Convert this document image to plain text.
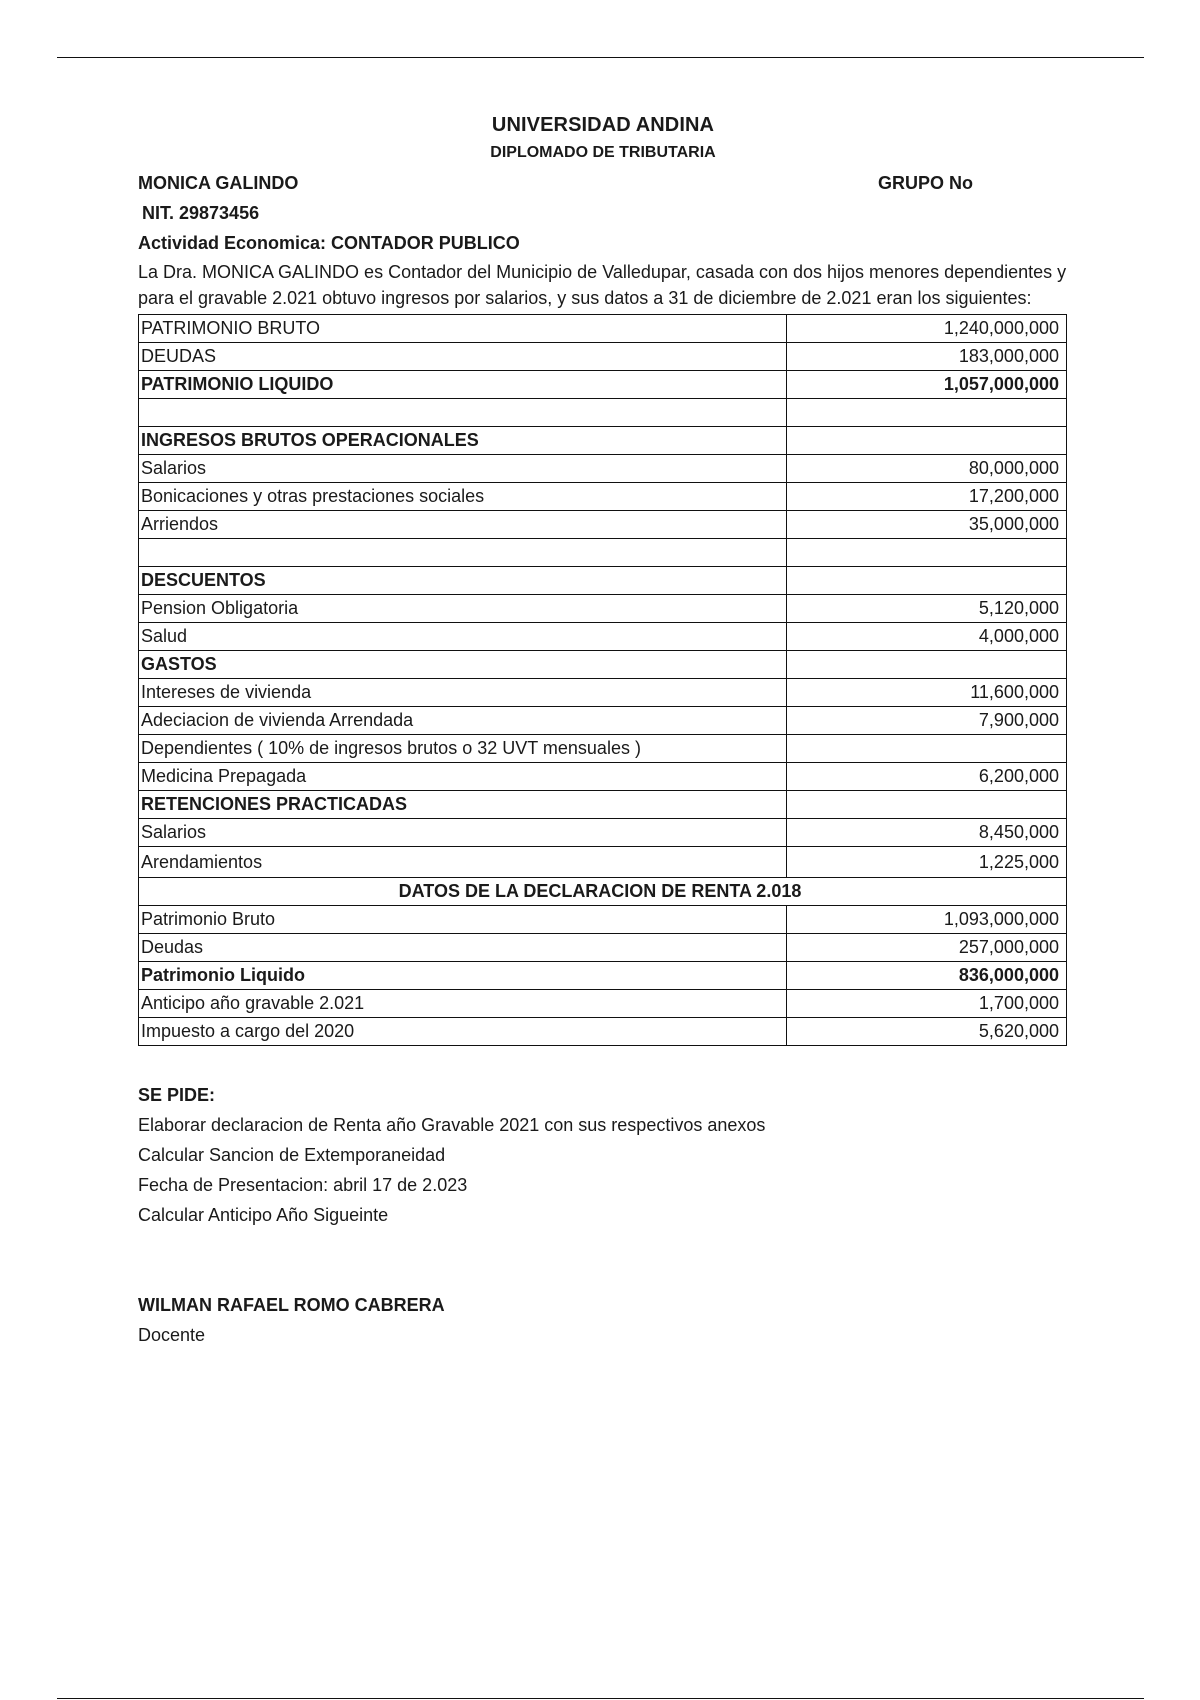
UNIVERSIDAD ANDINA
DIPLOMADO DE TRIBUTARIA
MONICA GALINDO	GRUPO No
NIT. 29873456
Actividad Economica: CONTADOR PUBLICO
La Dra. MONICA GALINDO es Contador del Municipio de Valledupar, casada con dos hijos menores dependientes y para el gravable 2.021 obtuvo ingresos por salarios, y sus datos a 31 de diciembre de 2.021 eran los siguientes:
PATRIMONIO BRUTO	1,240,000,000
DEUDAS	183,000,000
PATRIMONIO LIQUIDO	1,057,000,000

INGRESOS BRUTOS OPERACIONALES	
Salarios	80,000,000
Bonicaciones y otras prestaciones sociales	17,200,000
Arriendos	35,000,000

DESCUENTOS	
Pension Obligatoria	5,120,000
Salud	4,000,000
GASTOS	
Intereses de vivienda	11,600,000
Adeciacion de vivienda Arrendada	7,900,000
Dependientes ( 10% de ingresos brutos o 32 UVT mensuales )	
Medicina Prepagada	6,200,000
RETENCIONES PRACTICADAS	
Salarios	8,450,000
Arendamientos	1,225,000
DATOS DE LA DECLARACION DE RENTA 2.018	
Patrimonio Bruto	1,093,000,000
Deudas	257,000,000
Patrimonio Liquido	836,000,000
Anticipo año gravable 2.021	1,700,000
Impuesto a cargo del 2020	5,620,000
SE PIDE:
Elaborar declaracion de Renta año Gravable 2021 con sus respectivos anexos
Calcular Sancion de Extemporaneidad
Fecha de Presentacion: abril 17 de 2.023
Calcular Anticipo Año Sigueinte
WILMAN RAFAEL ROMO CABRERA
Docente
